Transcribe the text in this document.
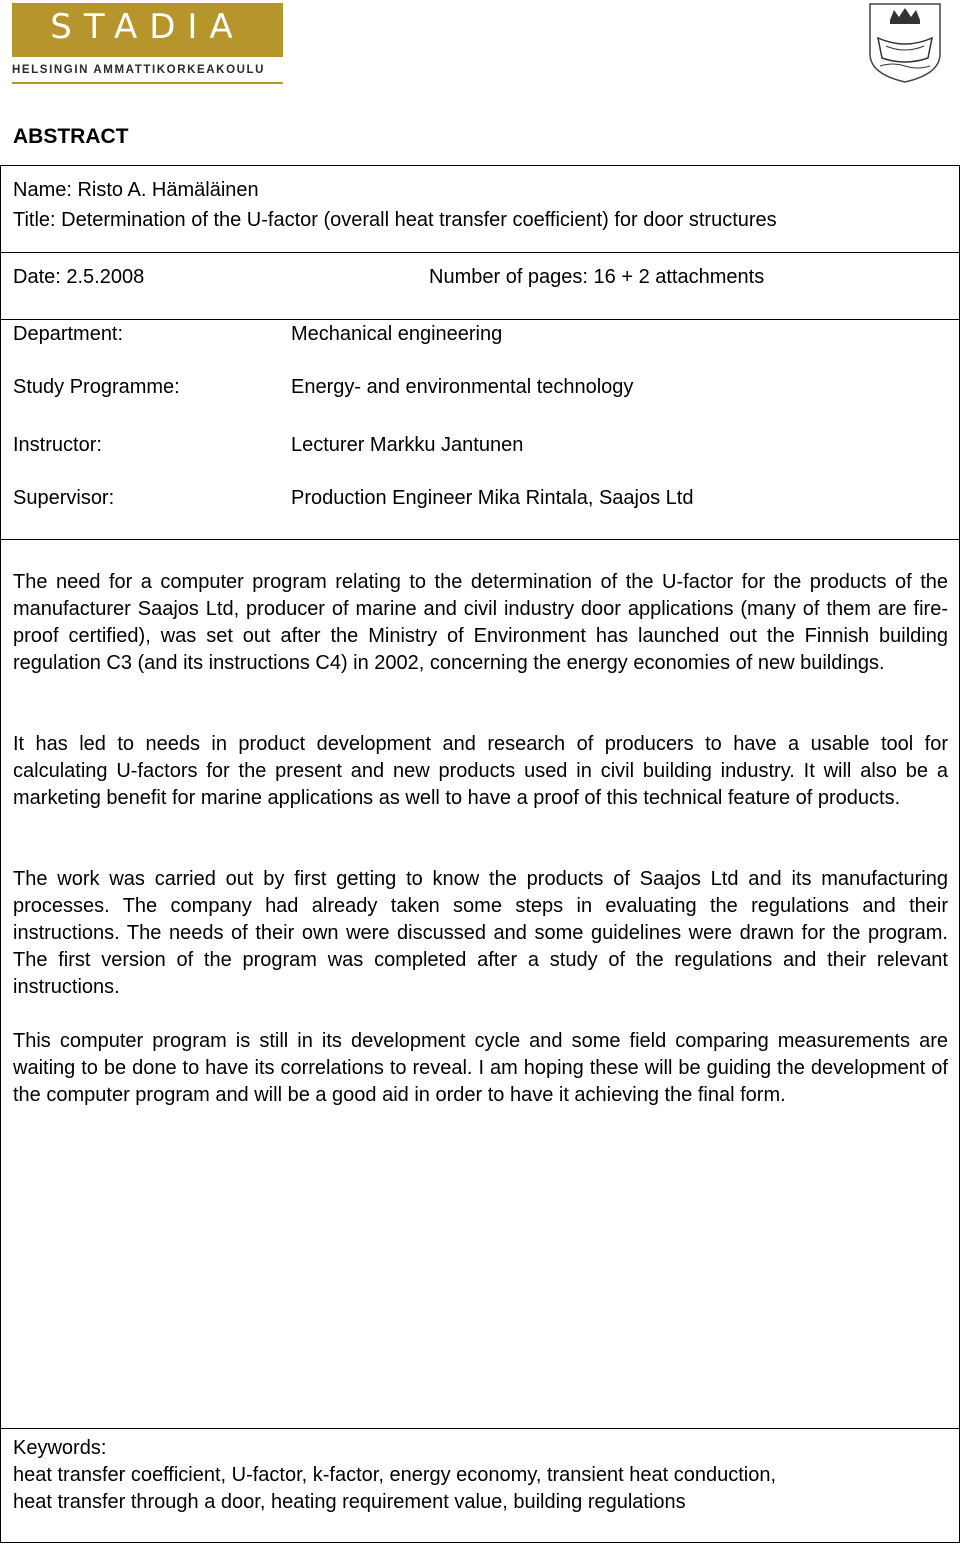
STADIA
HELSINGIN AMMATTIKORKEAKOULU
ABSTRACT
Name: Risto A. Hämäläinen
Title: Determination of the U-factor (overall heat transfer coefficient) for door structures
Date: 2.5.2008	Number of pages: 16 + 2 attachments
Department:	Mechanical engineering
Study Programme:	Energy- and environmental technology
Instructor:	Lecturer Markku Jantunen
Supervisor:	Production Engineer Mika Rintala, Saajos Ltd

The need for a computer program relating to the determination of the U-factor for the products of the manufacturer Saajos Ltd, producer of marine and civil industry door applications (many of them are fire-proof certified), was set out after the Ministry of Environment has launched out the Finnish building regulation C3 (and its instructions C4) in 2002, concerning the energy economies of new buildings.

It has led to needs in product development and research of producers to have a usable tool for calculating U-factors for the present and new products used in civil building industry. It will also be a marketing benefit for marine applications as well to have a proof of this technical feature of products.

The work was carried out by first getting to know the products of Saajos Ltd and its manufacturing processes. The company had already taken some steps in evaluating the regulations and their instructions. The needs of their own were discussed and some guidelines were drawn for the program. The first version of the program was completed after a study of the regulations and their relevant instructions.

This computer program is still in its development cycle and some field comparing measurements are waiting to be done to have its correlations to reveal. I am hoping these will be guiding the development of the computer program and will be a good aid in order to have it achieving the final form.

Keywords:
heat transfer coefficient, U-factor, k-factor, energy economy, transient heat conduction,
heat transfer through a door, heating requirement value, building regulations
